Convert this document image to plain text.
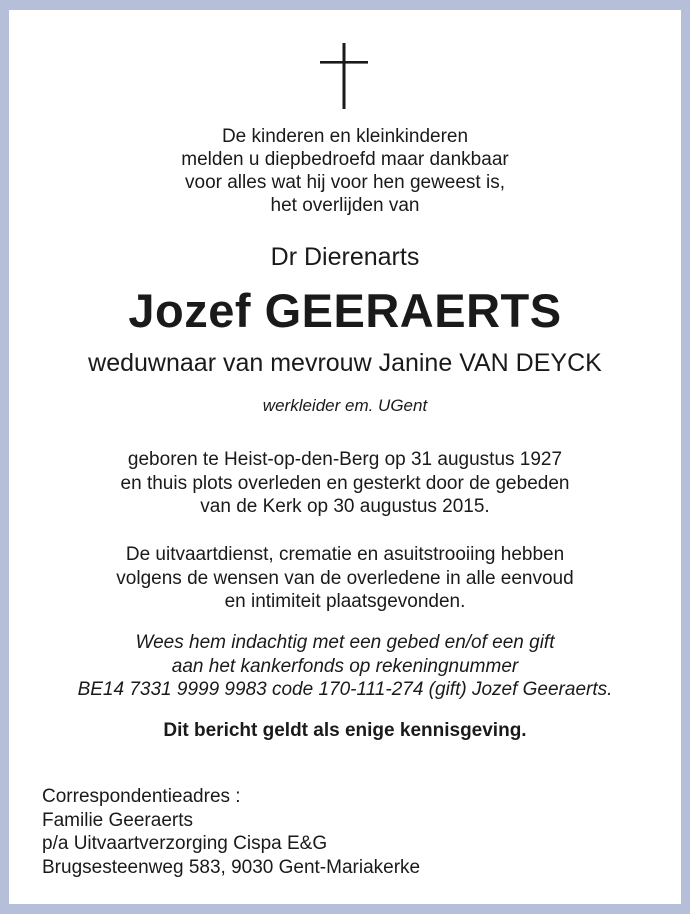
De kinderen en kleinkinderen
melden u diepbedroefd maar dankbaar
voor alles wat hij voor hen geweest is,
het overlijden van
Dr Dierenarts
Jozef GEERAERTS
weduwnaar van mevrouw Janine VAN DEYCK
werkleider em. UGent
geboren te Heist-op-den-Berg op 31 augustus 1927
en thuis plots overleden en gesterkt door de gebeden
van de Kerk op 30 augustus 2015.
De uitvaartdienst, crematie en asuitstrooiing hebben
volgens de wensen van de overledene in alle eenvoud
en intimiteit plaatsgevonden.
Wees hem indachtig met een gebed en/of een gift
aan het kankerfonds op rekeningnummer
BE14 7331 9999 9983 code 170-111-274 (gift) Jozef Geeraerts.
Dit bericht geldt als enige kennisgeving.
Correspondentieadres :
Familie Geeraerts
p/a Uitvaartverzorging Cispa E&G
Brugsesteenweg 583, 9030 Gent-Mariakerke
